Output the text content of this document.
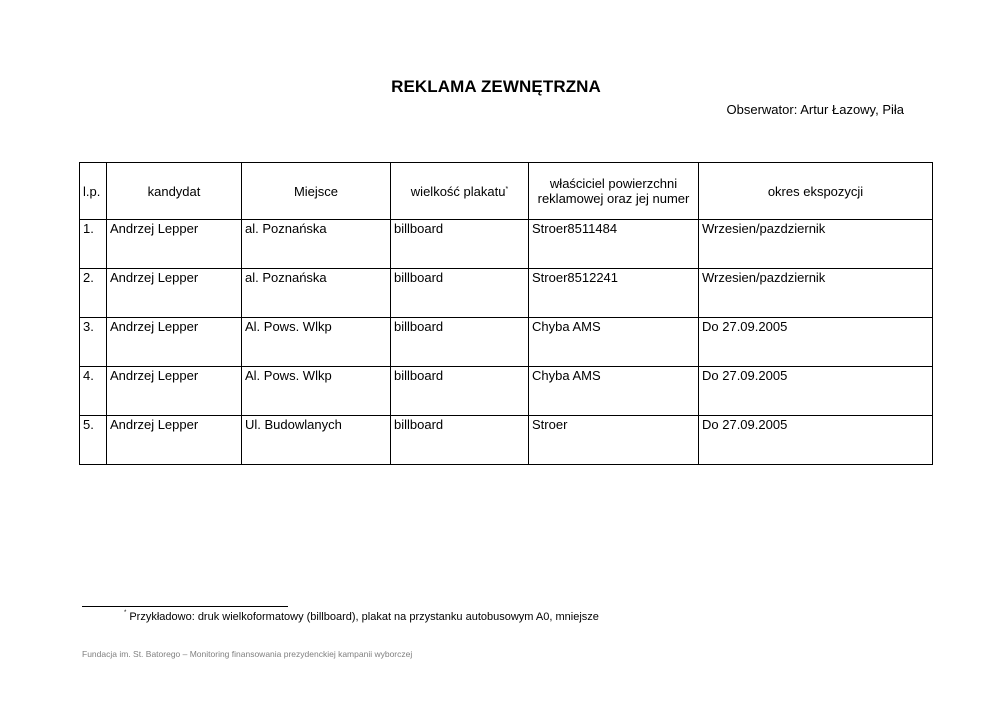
REKLAMA ZEWNĘTRZNA
Obserwator: Artur Łazowy, Piła
l.p.	kandydat	Miejsce	wielkość plakatu*	właściciel powierzchni reklamowej oraz jej numer	okres ekspozycji
1.	Andrzej Lepper	al. Poznańska	billboard	Stroer8511484	Wrzesien/pazdziernik
2.	Andrzej Lepper	al. Poznańska	billboard	Stroer8512241	Wrzesien/pazdziernik
3.	Andrzej Lepper	Al. Pows. Wlkp	billboard	Chyba AMS	Do 27.09.2005
4.	Andrzej Lepper	Al. Pows. Wlkp	billboard	Chyba AMS	Do 27.09.2005
5.	Andrzej Lepper	Ul. Budowlanych	billboard	Stroer	Do 27.09.2005
* Przykładowo: druk wielkoformatowy (billboard), plakat na przystanku autobusowym A0, mniejsze
Fundacja im. St. Batorego – Monitoring finansowania prezydenckiej kampanii wyborczej
